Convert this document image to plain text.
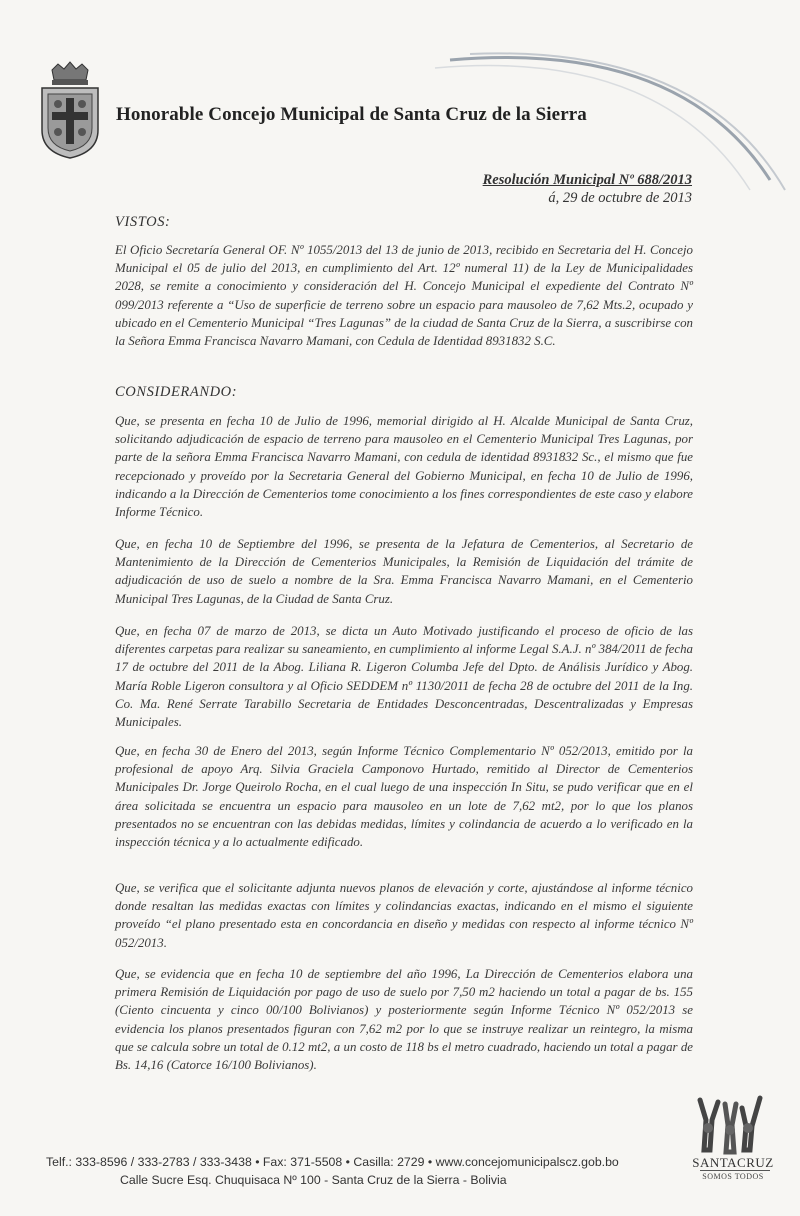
Honorable Concejo Municipal de Santa Cruz de la Sierra
Resolución Municipal Nº 688/2013
á, 29 de octubre de 2013
VISTOS:

El Oficio Secretaría General OF. Nº 1055/2013 del 13 de junio de 2013, recibido en Secretaria del H. Concejo Municipal el 05 de julio del 2013, en cumplimiento del Art. 12º numeral 11) de la Ley de Municipalidades 2028, se remite a conocimiento y consideración del H. Concejo Municipal el expediente del Contrato Nº 099/2013 referente a “Uso de superficie de terreno sobre un espacio para mausoleo de 7,62 Mts.2, ocupado y ubicado en el Cementerio Municipal “Tres Lagunas” de la ciudad de Santa Cruz de la Sierra, a suscribirse con la Señora Emma Francisca Navarro Mamani, con Cedula de Identidad 8931832 S.C.

CONSIDERANDO:

Que, se presenta en fecha 10 de Julio de 1996, memorial dirigido al H. Alcalde Municipal de Santa Cruz, solicitando adjudicación de espacio de terreno para mausoleo en el Cementerio Municipal Tres Lagunas, por parte de la señora Emma Francisca Navarro Mamani, con cedula de identidad 8931832 Sc., el mismo que fue recepcionado y proveído por la Secretaria General del Gobierno Municipal, en fecha 10 de Julio de 1996, indicando a la Dirección de Cementerios tome conocimiento a los fines correspondientes de este caso y elabore Informe Técnico.

Que, en fecha 10 de Septiembre del 1996, se presenta de la Jefatura de Cementerios, al Secretario de Mantenimiento de la Dirección de Cementerios Municipales, la Remisión de Liquidación del trámite de adjudicación de uso de suelo a nombre de la Sra. Emma Francisca Navarro Mamani, en el Cementerio Municipal Tres Lagunas, de la Ciudad de Santa Cruz.

Que, en fecha 07 de marzo de 2013, se dicta un Auto Motivado justificando el proceso de oficio de las diferentes carpetas para realizar su saneamiento, en cumplimiento al informe Legal S.A.J. nº 384/2011 de fecha 17 de octubre del 2011 de la Abog. Liliana R. Ligeron Columba Jefe del Dpto. de Análisis Jurídico y Abog. María Roble Ligeron consultora y al Oficio SEDDEM nº 1130/2011 de fecha 28 de octubre del 2011 de la Ing. Co. Ma. René Serrate Tarabillo Secretaria de Entidades Desconcentradas, Descentralizadas y Empresas Municipales.

Que, en fecha 30 de Enero del 2013, según Informe Técnico Complementario Nº 052/2013, emitido por la profesional de apoyo Arq. Silvia Graciela Camponovo Hurtado, remitido al Director de Cementerios Municipales Dr. Jorge Queirolo Rocha, en el cual luego de una inspección In Situ, se pudo verificar que en el área solicitada se encuentra un espacio para mausoleo en un lote de 7,62 mt2, por lo que los planos presentados no se encuentran con las debidas medidas, límites y colindancia de acuerdo a lo verificado en la inspección técnica y a lo actualmente edificado.

Que, se verifica que el solicitante adjunta nuevos planos de elevación y corte, ajustándose al informe técnico donde resaltan las medidas exactas con límites y colindancias exactas, indicando en el mismo el siguiente proveído “el plano presentado esta en concordancia en diseño y medidas con respecto al informe técnico Nº 052/2013.

Que, se evidencia que en fecha 10 de septiembre del año 1996, La Dirección de Cementerios elabora una primera Remisión de Liquidación por pago de uso de suelo por 7,50 m2 haciendo un total a pagar de bs. 155 (Ciento cincuenta y cinco 00/100 Bolivianos) y posteriormente según Informe Técnico Nº 052/2013 se evidencia los planos presentados figuran con 7,62 m2 por lo que se instruye realizar un reintegro, la misma que se calcula sobre un total de 0.12 mt2, a un costo de 118 bs el metro cuadrado, haciendo un total a pagar de Bs. 14,16 (Catorce 16/100 Bolivianos).

Telf.: 333-8596 / 333-2783 / 333-3438 • Fax: 371-5508 • Casilla: 2729 • www.concejomunicipalscz.gob.bo
Calle Sucre Esq. Chuquisaca Nº 100 - Santa Cruz de la Sierra - Bolivia
SANTACRUZ
SOMOS TODOS
